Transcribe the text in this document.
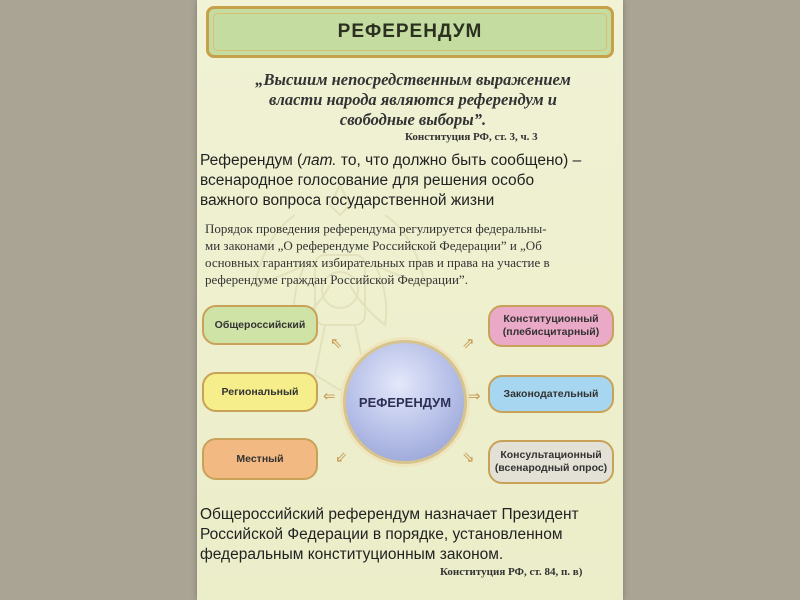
РЕФЕРЕНДУМ
„Высшим непосредственным выражением
власти народа являются референдум и
свободные выборы”.
Конституция РФ, ст. 3, ч. 3
Референдум (лат. то, что должно быть сообщено) –
всенародное голосование для решения особо
важного вопроса государственной жизни
Порядок проведения референдума регулируется федеральны-
ми законами „О референдуме Российской Федерации” и „Об
основных гарантиях избирательных прав и права на участие в
референдуме граждан Российской Федерации”.
Общероссийский
Региональный
Местный
Конституционный
(плебисцитарный)
Законодательный
Консультационный
(всенародный опрос)
РЕФЕРЕНДУМ
⇖
⇐
⇙
⇗
⇒
⇘
Общероссийский референдум назначает Президент
Российской Федерации в порядке, установленном
федеральным конституционным законом.
Конституция РФ, ст. 84, п. в)
